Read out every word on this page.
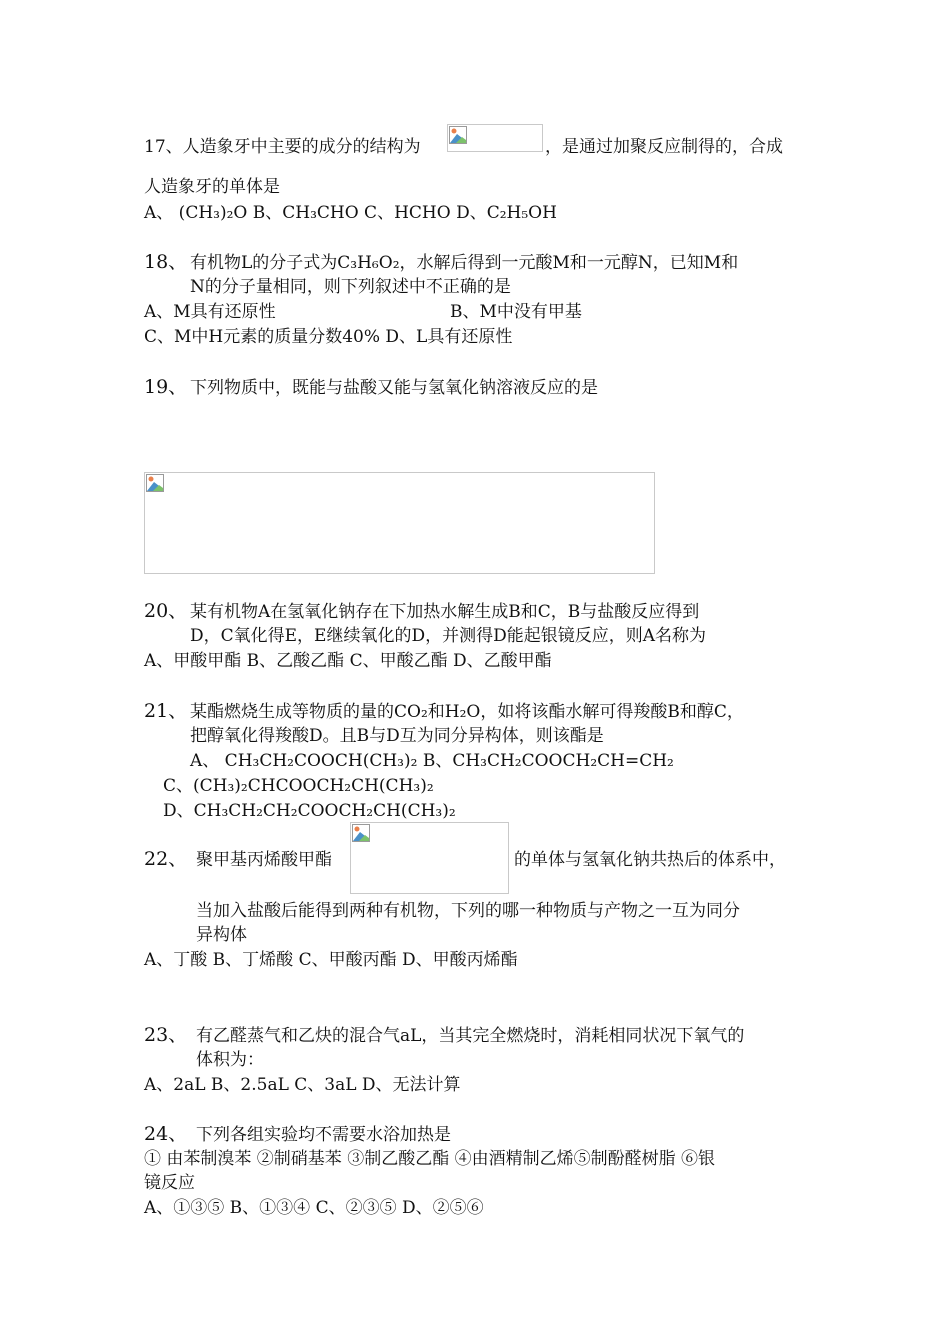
17、人造象牙中主要的成分的结构为	，是通过加聚反应制得的，合成
人造象牙的单体是
A、 (CH₃)₂O B、CH₃CHO C、HCHO D、C₂H₅OH
18、 有机物L的分子式为C₃H₆O₂，水解后得到一元酸M和一元醇N，已知M和
N的分子量相同，则下列叙述中不正确的是
A、M具有还原性	B、M中没有甲基
C、M中H元素的质量分数40% D、L具有还原性
19、 下列物质中，既能与盐酸又能与氢氧化钠溶液反应的是
20、 某有机物A在氢氧化钠存在下加热水解生成B和C，B与盐酸反应得到
D，C氧化得E，E继续氧化的D，并测得D能起银镜反应，则A名称为
A、甲酸甲酯 B、乙酸乙酯 C、甲酸乙酯 D、乙酸甲酯
21、 某酯燃烧生成等物质的量的CO₂和H₂O，如将该酯水解可得羧酸B和醇C，
把醇氧化得羧酸D。且B与D互为同分异构体，则该酯是
A、 CH₃CH₂COOCH(CH₃)₂ B、CH₃CH₂COOCH₂CH=CH₂
C、(CH₃)₂CHCOOCH₂CH(CH₃)₂
D、CH₃CH₂CH₂COOCH₂CH(CH₃)₂
22、 聚甲基丙烯酸甲酯	的单体与氢氧化钠共热后的体系中，
当加入盐酸后能得到两种有机物，下列的哪一种物质与产物之一互为同分
异构体
A、丁酸 B、丁烯酸 C、甲酸丙酯 D、甲酸丙烯酯
23、 有乙醛蒸气和乙炔的混合气aL，当其完全燃烧时，消耗相同状况下氧气的
体积为：
A、2aL B、2.5aL C、3aL D、无法计算
24、 下列各组实验均不需要水浴加热是
① 由苯制溴苯 ②制硝基苯 ③制乙酸乙酯 ④由酒精制乙烯⑤制酚醛树脂 ⑥银
镜反应
A、①③⑤ B、①③④ C、②③⑤ D、②⑤⑥
